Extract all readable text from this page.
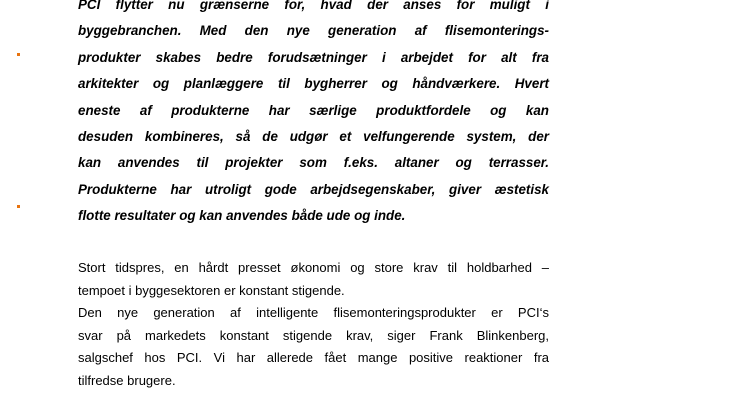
PCI flytter nu grænserne for, hvad der anses for muligt i
byggebranchen. Med den nye generation af flisemonterings-
produkter skabes bedre forudsætninger i arbejdet for alt fra
arkitekter og planlæggere til bygherrer og håndværkere. Hvert
eneste af produkterne har særlige produktfordele og kan
desuden kombineres, så de udgør et velfungerende system, der
kan anvendes til projekter som f.eks. altaner og terrasser.
Produkterne har utroligt gode arbejdsegenskaber, giver æstetisk
flotte resultater og kan anvendes både ude og inde.
Stort tidspres, en hårdt presset økonomi og store krav til holdbarhed –
tempoet i byggesektoren er konstant stigende.
Den nye generation af intelligente flisemonteringsprodukter er PCI‘s
svar på markedets konstant stigende krav, siger Frank Blinkenberg,
salgschef hos PCI. Vi har allerede fået mange positive reaktioner fra
tilfredse brugere.
